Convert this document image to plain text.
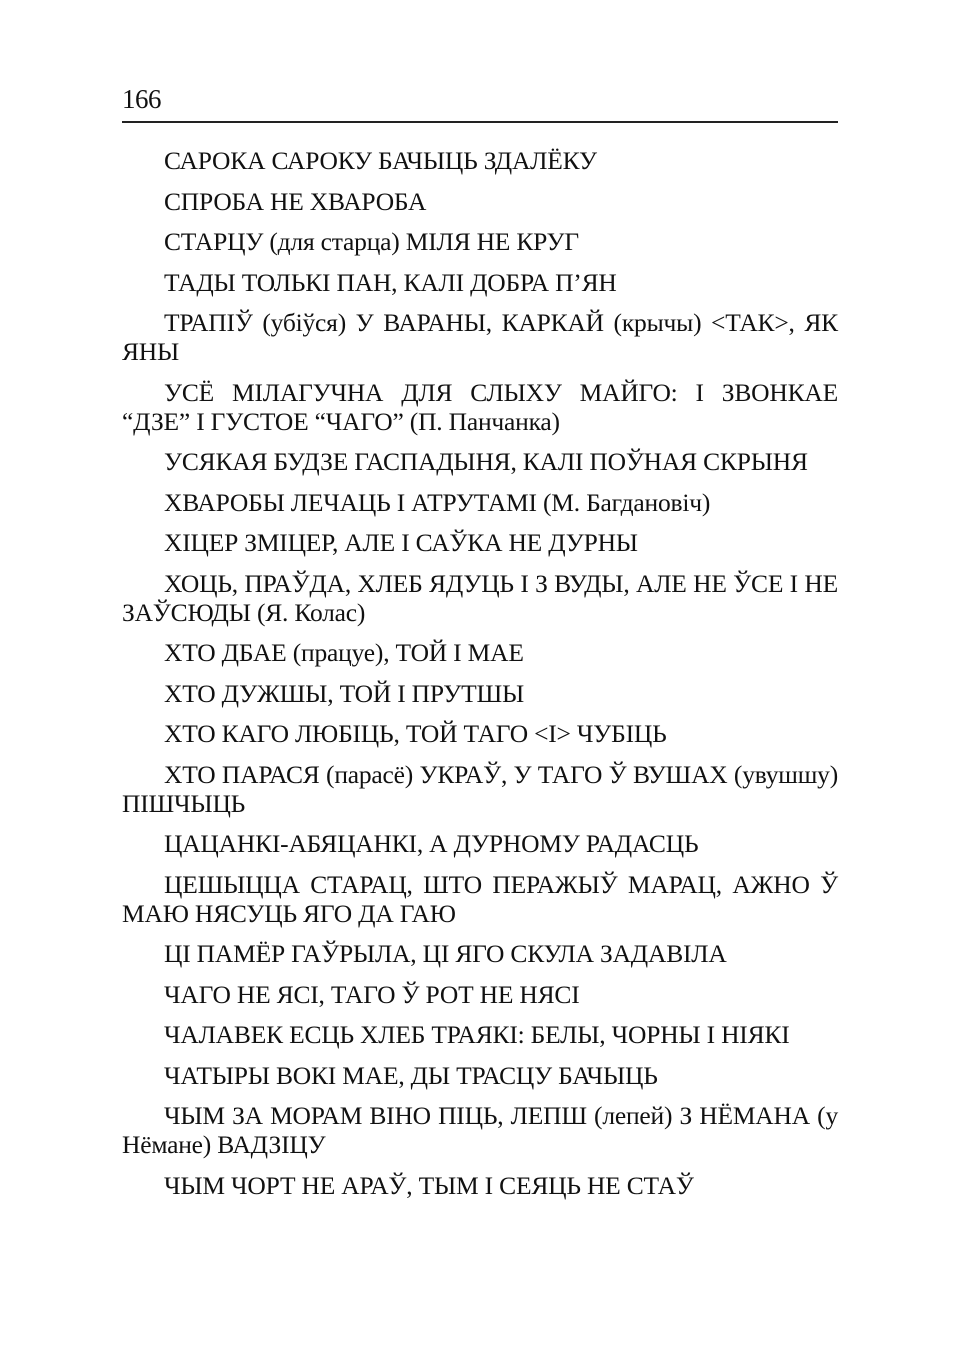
166
САРОКА САРОКУ БАЧЫЦЬ ЗДАЛЁКУ
СПРОБА НЕ ХВАРОБА
СТАРЦУ (для старца) МІЛЯ НЕ КРУГ
ТАДЫ ТОЛЬКІ ПАН, КАЛІ ДОБРА П’ЯН
ТРАПІЎ (убіўся) У ВАРАНЫ, КАРКАЙ (крычы) <ТАК>, ЯК ЯНЫ
УСЁ МІЛАГУЧНА ДЛЯ СЛЫХУ МАЙГО: І ЗВОНКАЕ “ДЗЕ” І ГУСТОЕ “ЧАГО” (П. Панчанка)
УСЯКАЯ БУДЗЕ ГАСПАДЫНЯ, КАЛІ ПОЎНАЯ СКРЫНЯ
ХВАРОБЫ ЛЕЧАЦЬ І АТРУТАМІ (М. Багдановіч)
ХІЦЕР ЗМІЦЕР, АЛЕ І САЎКА НЕ ДУРНЫ
ХОЦЬ, ПРАЎДА, ХЛЕБ ЯДУЦЬ І З ВУДЫ, АЛЕ НЕ ЎСЕ І НЕ ЗАЎСЮДЫ (Я. Колас)
ХТО ДБАЕ (працуе), ТОЙ І МАЕ
ХТО ДУЖШЫ, ТОЙ І ПРУТШЫ
ХТО КАГО ЛЮБІЦЬ, ТОЙ ТАГО <І> ЧУБІЦЬ
ХТО ПАРАСЯ (парасё) УКРАЎ, У ТАГО Ў ВУШАХ (увушшу) ПІШЧЫЦЬ
ЦАЦАНКІ-АБЯЦАНКІ, А ДУРНОМУ РАДАСЦЬ
ЦЕШЫЦЦА СТАРАЦ, ШТО ПЕРАЖЫЎ МАРАЦ, АЖНО Ў МАЮ НЯСУЦЬ ЯГО ДА ГАЮ
ЦІ ПАМЁР ГАЎРЫЛА, ЦІ ЯГО СКУЛА ЗАДАВІЛА
ЧАГО НЕ ЯСІ, ТАГО Ў РОТ НЕ НЯСІ
ЧАЛАВЕК ЕСЦЬ ХЛЕБ ТРАЯКІ: БЕЛЫ, ЧОРНЫ І НІЯКІ
ЧАТЫРЫ ВОКІ МАЕ, ДЫ ТРАСЦУ БАЧЫЦЬ
ЧЫМ ЗА МОРАМ ВІНО ПІЦЬ, ЛЕПШ (лепей) З НЁМАНА (у Нёмане) ВАДЗІЦУ
ЧЫМ ЧОРТ НЕ АРАЎ, ТЫМ І СЕЯЦЬ НЕ СТАЎ
